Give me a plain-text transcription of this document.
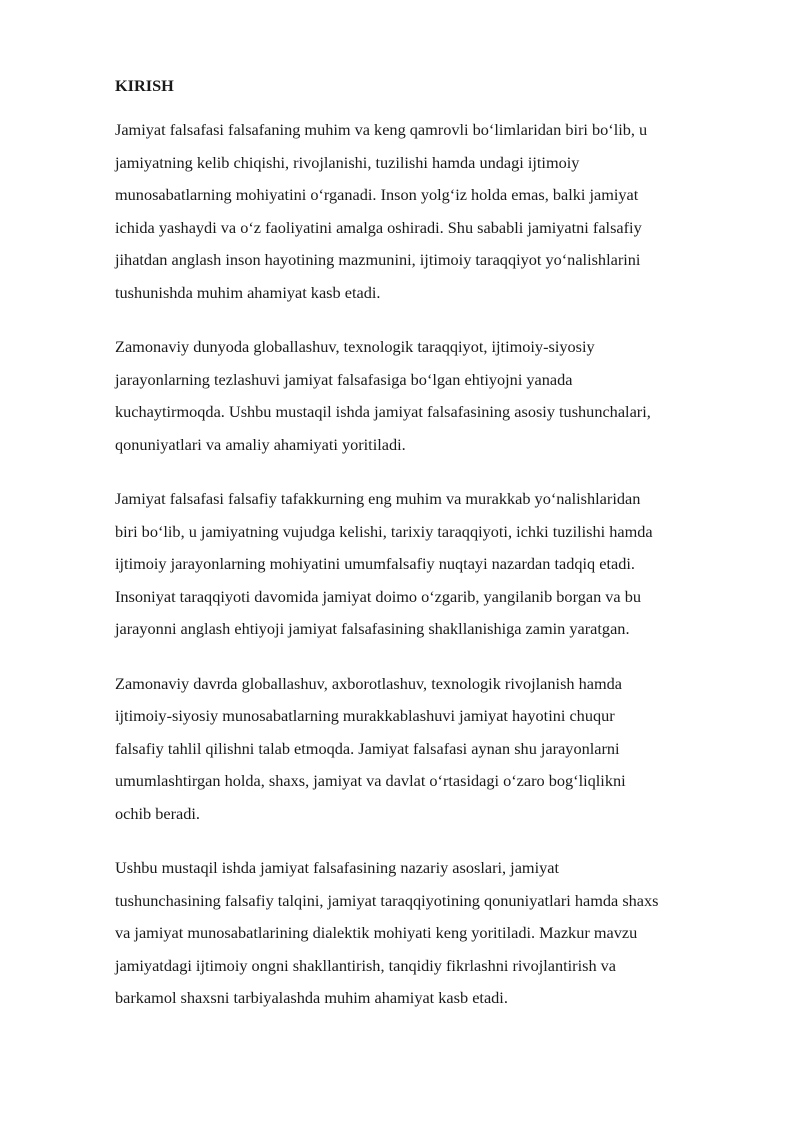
KIRISH

Jamiyat falsafasi falsafaning muhim va keng qamrovli bo‘limlaridan biri bo‘lib, u
jamiyatning kelib chiqishi, rivojlanishi, tuzilishi hamda undagi ijtimoiy
munosabatlarning mohiyatini o‘rganadi. Inson yolg‘iz holda emas, balki jamiyat
ichida yashaydi va o‘z faoliyatini amalga oshiradi. Shu sababli jamiyatni falsafiy
jihatdan anglash inson hayotining mazmunini, ijtimoiy taraqqiyot yo‘nalishlarini
tushunishda muhim ahamiyat kasb etadi.

Zamonaviy dunyoda globallashuv, texnologik taraqqiyot, ijtimoiy-siyosiy
jarayonlarning tezlashuvi jamiyat falsafasiga bo‘lgan ehtiyojni yanada
kuchaytirmoqda. Ushbu mustaqil ishda jamiyat falsafasining asosiy tushunchalari,
qonuniyatlari va amaliy ahamiyati yoritiladi.

Jamiyat falsafasi falsafiy tafakkurning eng muhim va murakkab yo‘nalishlaridan
biri bo‘lib, u jamiyatning vujudga kelishi, tarixiy taraqqiyoti, ichki tuzilishi hamda
ijtimoiy jarayonlarning mohiyatini umumfalsafiy nuqtayi nazardan tadqiq etadi.
Insoniyat taraqqiyoti davomida jamiyat doimo o‘zgarib, yangilanib borgan va bu
jarayonni anglash ehtiyoji jamiyat falsafasining shakllanishiga zamin yaratgan.

Zamonaviy davrda globallashuv, axborotlashuv, texnologik rivojlanish hamda
ijtimoiy-siyosiy munosabatlarning murakkablashuvi jamiyat hayotini chuqur
falsafiy tahlil qilishni talab etmoqda. Jamiyat falsafasi aynan shu jarayonlarni
umumlashtirgan holda, shaxs, jamiyat va davlat o‘rtasidagi o‘zaro bog‘liqlikni
ochib beradi.

Ushbu mustaqil ishda jamiyat falsafasining nazariy asoslari, jamiyat
tushunchasining falsafiy talqini, jamiyat taraqqiyotining qonuniyatlari hamda shaxs
va jamiyat munosabatlarining dialektik mohiyati keng yoritiladi. Mazkur mavzu
jamiyatdagi ijtimoiy ongni shakllantirish, tanqidiy fikrlashni rivojlantirish va
barkamol shaxsni tarbiyalashda muhim ahamiyat kasb etadi.
